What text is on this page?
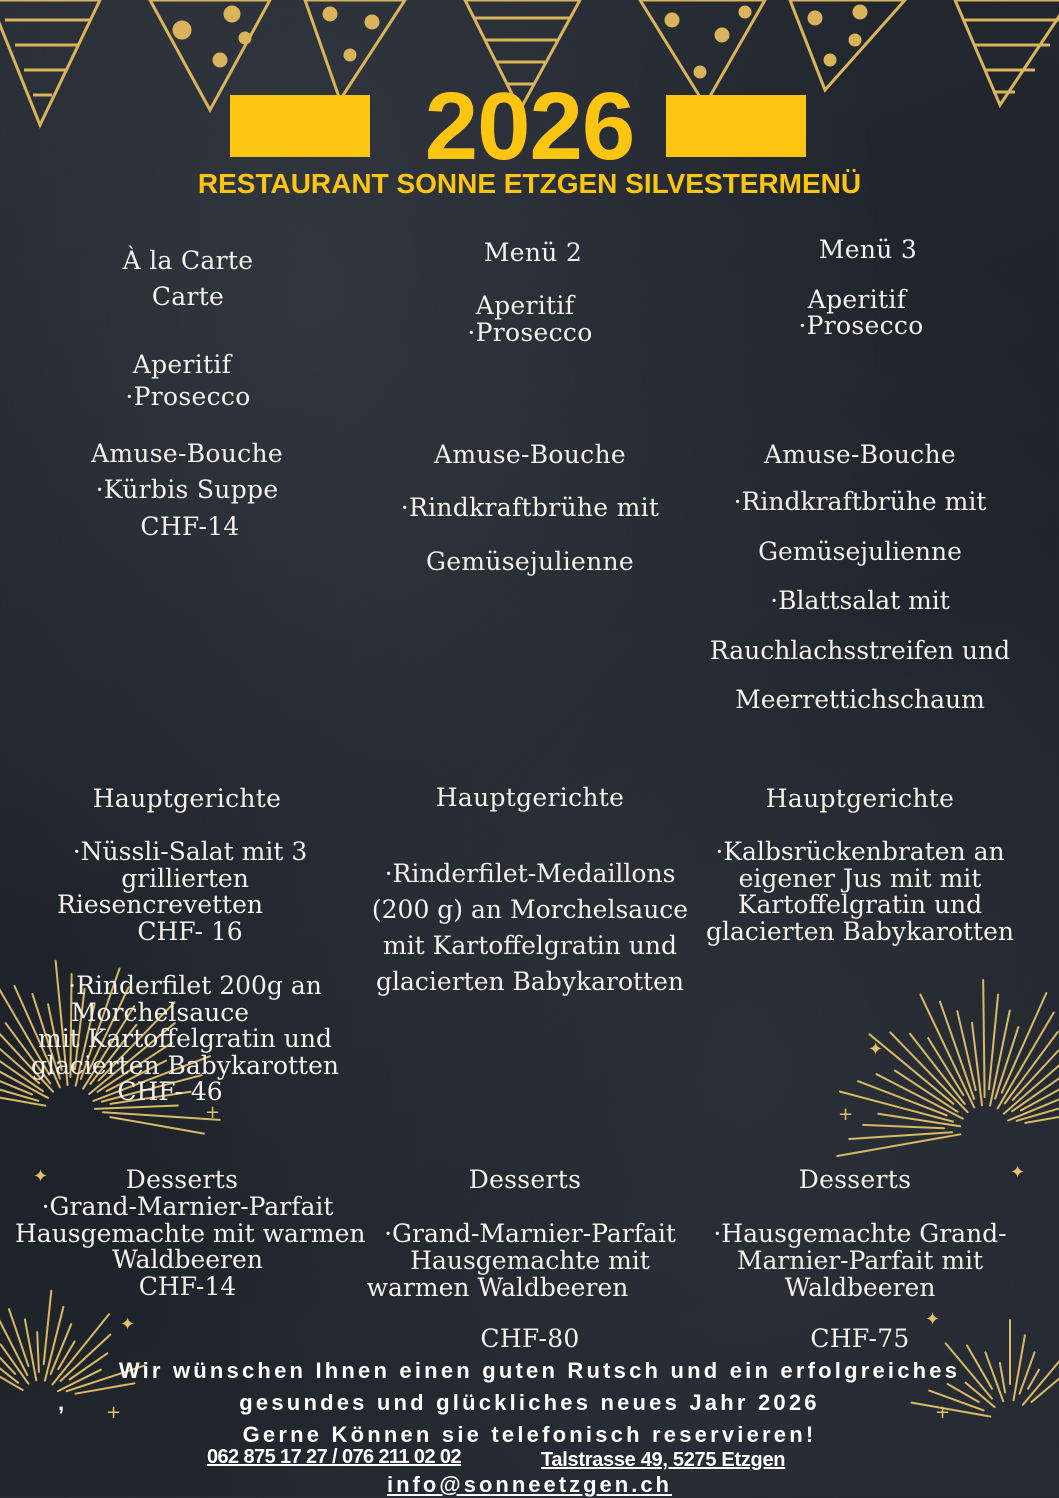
✦
+
✦
+
✦
✦
✦
+
+
2026
RESTAURANT SONNE ETZGEN SILVESTERMENÜ
À la Carte
Carte
Aperitif
·Prosecco
Amuse-Bouche
·Kürbis Suppe
CHF-14
Hauptgerichte
·Nüssli-Salat mit 3
grillierten
Riesencrevetten
CHF- 16
·Rinderfilet 200g an
Morchelsauce
mit Kartoffelgratin und
glacierten Babykarotten
CHF- 46
Desserts
·Grand-Marnier-Parfait
Hausgemachte mit warmen
Waldbeeren
CHF-14
Menü 2
Aperitif
·Prosecco
Amuse-Bouche
·Rindkraftbrühe mit
Gemüsejulienne
Hauptgerichte
·Rinderfilet-Medaillons
(200 g) an Morchelsauce
mit Kartoffelgratin und
glacierten Babykarotten
Desserts
·Grand-Marnier-Parfait
Hausgemachte mit
warmen Waldbeeren
CHF-80
Menü 3
Aperitif
·Prosecco
Amuse-Bouche
·Rindkraftbrühe mit
Gemüsejulienne
·Blattsalat mit
Rauchlachsstreifen und
Meerrettichschaum
Hauptgerichte
·Kalbsrückenbraten an
eigener Jus mit mit
Kartoffelgratin und
glacierten Babykarotten
Desserts
·Hausgemachte Grand-
Marnier-Parfait mit
Waldbeeren
CHF-75
Wir wünschen Ihnen einen guten Rutsch und ein erfolgreiches
,	gesundes und glückliches neues Jahr 2026
Gerne Können sie telefonisch reservieren!
062 875 17 27 / 076 211 02 02	Talstrasse 49, 5275 Etzgen
info@sonneetzgen.ch
